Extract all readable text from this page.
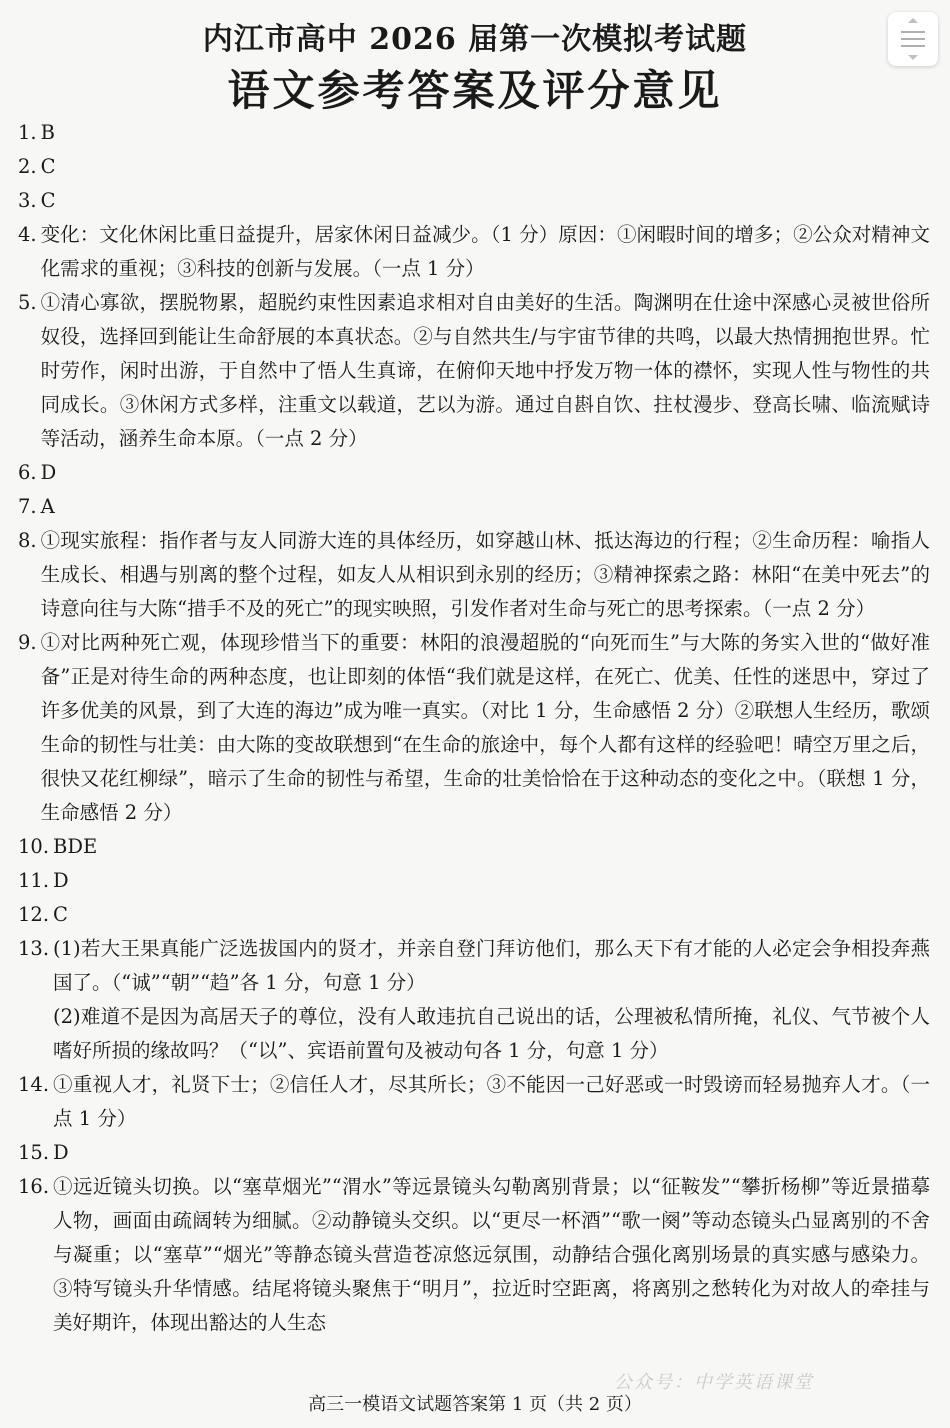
内江市高中 2026 届第一次模拟考试题
语文参考答案及评分意见
1. B
2. C
3. C
4. 变化：文化休闲比重日益提升，居家休闲日益减少。（1 分）原因：①闲暇时间的增多；②公众对精神文化需求的重视；③科技的创新与发展。（一点 1 分）
5. ①清心寡欲，摆脱物累，超脱约束性因素追求相对自由美好的生活。陶渊明在仕途中深感心灵被世俗所奴役，选择回到能让生命舒展的本真状态。②与自然共生/与宇宙节律的共鸣，以最大热情拥抱世界。忙时劳作，闲时出游，于自然中了悟人生真谛，在俯仰天地中抒发万物一体的襟怀，实现人性与物性的共同成长。③休闲方式多样，注重文以载道，艺以为游。通过自斟自饮、拄杖漫步、登高长啸、临流赋诗等活动，涵养生命本原。（一点 2 分）
6. D
7. A
8. ①现实旅程：指作者与友人同游大连的具体经历，如穿越山林、抵达海边的行程；②生命历程：喻指人生成长、相遇与别离的整个过程，如友人从相识到永别的经历；③精神探索之路：林阳“在美中死去”的诗意向往与大陈“措手不及的死亡”的现实映照，引发作者对生命与死亡的思考探索。（一点 2 分）
9. ①对比两种死亡观，体现珍惜当下的重要：林阳的浪漫超脱的“向死而生”与大陈的务实入世的“做好准备”正是对待生命的两种态度，也让即刻的体悟“我们就是这样，在死亡、优美、任性的迷思中，穿过了许多优美的风景，到了大连的海边”成为唯一真实。（对比 1 分，生命感悟 2 分）②联想人生经历，歌颂生命的韧性与壮美：由大陈的变故联想到“在生命的旅途中，每个人都有这样的经验吧！晴空万里之后，很快又花红柳绿”，暗示了生命的韧性与希望，生命的壮美恰恰在于这种动态的变化之中。（联想 1 分，生命感悟 2 分）
10. BDE
11. D
12. C
13. (1)若大王果真能广泛选拔国内的贤才，并亲自登门拜访他们，那么天下有才能的人必定会争相投奔燕国了。（“诚”“朝”“趋”各 1 分，句意 1 分）
(2)难道不是因为高居天子的尊位，没有人敢违抗自己说出的话，公理被私情所掩，礼仪、气节被个人嗜好所损的缘故吗？（“以”、宾语前置句及被动句各 1 分，句意 1 分）
14. ①重视人才，礼贤下士；②信任人才，尽其所长；③不能因一己好恶或一时毁谤而轻易抛弃人才。（一点 1 分）
15. D
16. ①远近镜头切换。以“塞草烟光”“渭水”等远景镜头勾勒离别背景；以“征鞍发”“攀折杨柳”等近景描摹人物，画面由疏阔转为细腻。②动静镜头交织。以“更尽一杯酒”“歌一阕”等动态镜头凸显离别的不舍与凝重；以“塞草”“烟光”等静态镜头营造苍凉悠远氛围，动静结合强化离别场景的真实感与感染力。③特写镜头升华情感。结尾将镜头聚焦于“明月”，拉近时空距离，将离别之愁转化为对故人的牵挂与美好期许，体现出豁达的人生态
公众号：中学英语课堂
高三一模语文试题答案第 1 页（共 2 页）
